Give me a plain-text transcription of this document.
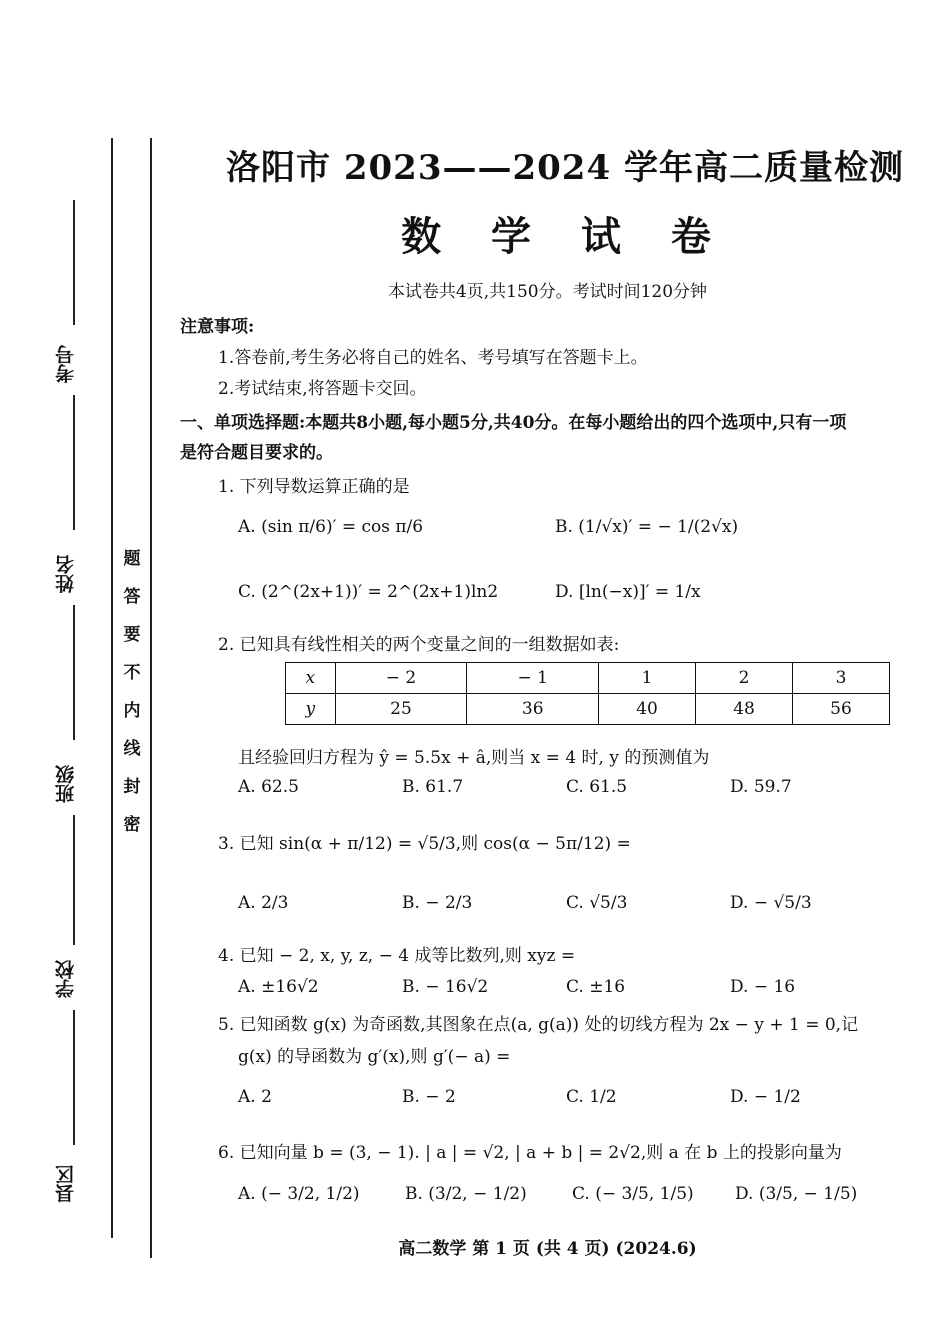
考号
姓名
班级
学校
县区
题
答
要
不
内
线
封
密
洛阳市 2023——2024 学年高二质量检测
数 学 试 卷
本试卷共4页,共150分。考试时间120分钟
注意事项:
1.答卷前,考生务必将自己的姓名、考号填写在答题卡上。
2.考试结束,将答题卡交回。
一、单项选择题:本题共8小题,每小题5分,共40分。在每小题给出的四个选项中,只有一项
是符合题目要求的。
1. 下列导数运算正确的是
A. (sin π/6)′ = cos π/6	B. (1/√x)′ = − 1/(2√x)
C. (2^(2x+1))′ = 2^(2x+1)ln2	D. [ln(−x)]′ = 1/x
2. 已知具有线性相关的两个变量之间的一组数据如表:
x	− 2	− 1	1	2	3
y	25	36	40	48	56
且经验回归方程为 ŷ = 5.5x + â,则当 x = 4 时, y 的预测值为
A. 62.5	B. 61.7	C. 61.5	D. 59.7
3. 已知 sin(α + π/12) = √5/3,则 cos(α − 5π/12) =
A. 2/3	B. − 2/3	C. √5/3	D. − √5/3
4. 已知 − 2, x, y, z, − 4 成等比数列,则 xyz =
A. ±16√2	B. − 16√2	C. ±16	D. − 16
5. 已知函数 g(x) 为奇函数,其图象在点(a, g(a)) 处的切线方程为 2x − y + 1 = 0,记
g(x) 的导函数为 g′(x),则 g′(− a) =
A. 2	B. − 2	C. 1/2	D. − 1/2
6. 已知向量 b = (3, − 1). | a | = √2, | a + b | = 2√2,则 a 在 b 上的投影向量为
A. (− 3/2, 1/2)	B. (3/2, − 1/2)	C. (− 3/5, 1/5) D. (3/5, − 1/5)
高二数学 第 1 页 (共 4 页) (2024.6)
